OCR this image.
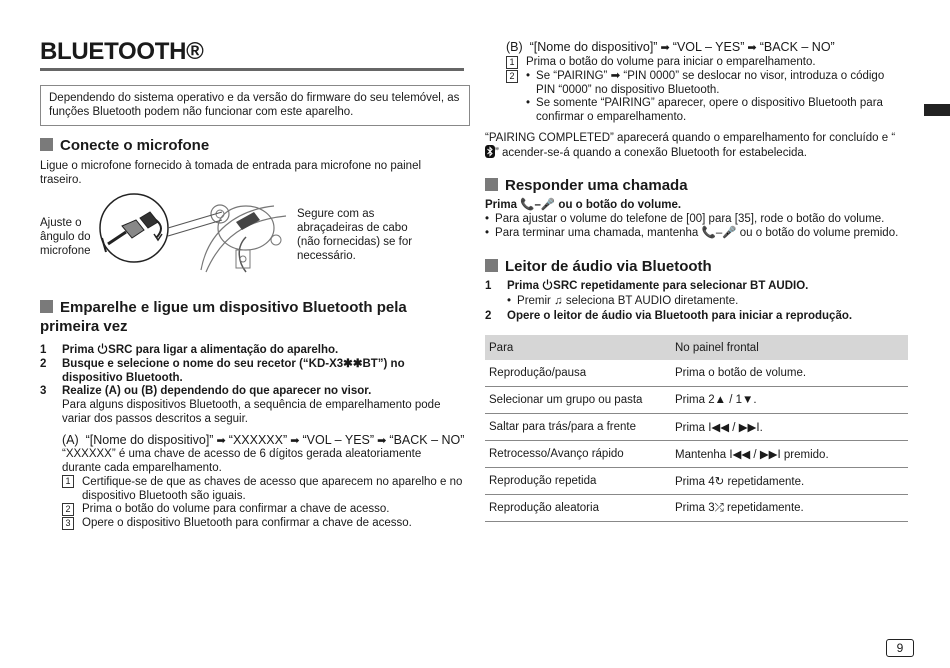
BLUETOOTH®
Dependendo do sistema operativo e da versão do firmware do seu telemóvel, as funções Bluetooth podem não funcionar com este aparelho.
Conecte o microfone
Ligue o microfone fornecido à tomada de entrada para microfone no painel traseiro.
Ajuste o ângulo do microfone
Segure com as abraçadeiras de cabo (não fornecidas) se for necessário.
Emparelhe e ligue um dispositivo Bluetooth pela primeira vez
1 Prima SRC para ligar a alimentação do aparelho.
2	Busque e selecione o nome do seu recetor (“KD-X3✱✱BT”) no dispositivo Bluetooth.
3 Realize (A) ou (B) dependendo do que aparecer no visor.
Para alguns dispositivos Bluetooth, a sequência de emparelhamento pode variar dos passos descritos a seguir.
(A) “[Nome do dispositivo]” ➡ “XXXXXX” ➡ “VOL – YES” ➡ “BACK – NO”
“XXXXXX” é uma chave de acesso de 6 dígitos gerada aleatoriamente durante cada emparelhamento.
1	Certifique-se de que as chaves de acesso que aparecem no aparelho e no dispositivo Bluetooth são iguais.
2 Prima o botão do volume para confirmar a chave de acesso.
3 Opere o dispositivo Bluetooth para confirmar a chave de acesso.
(B) “[Nome do dispositivo]” ➡ “VOL – YES” ➡ “BACK – NO”
1 Prima o botão do volume para iniciar o emparelhamento.
2	• Se “PAIRING” ➡ “PIN 0000” se deslocar no visor, introduza o código PIN “0000” no dispositivo Bluetooth.
• Se somente “PAIRING” aparecer, opere o dispositivo Bluetooth para confirmar o emparelhamento.
“PAIRING COMPLETED” aparecerá quando o emparelhamento for concluído e “” acender-se-á quando a conexão Bluetooth for estabelecida.
Responder uma chamada
Prima 📞–🎤 ou o botão do volume.
• Para ajustar o volume do telefone de [00] para [35], rode o botão do volume.
• Para terminar uma chamada, mantenha 📞–🎤 ou o botão do volume premido.
Leitor de áudio via Bluetooth
1 Prima SRC repetidamente para selecionar BT AUDIO.
• Premir ♫ seleciona BT AUDIO diretamente.
2 Opere o leitor de áudio via Bluetooth para iniciar a reprodução.
Para	No painel frontal
Reprodução/pausa	Prima o botão de volume.
Selecionar um grupo ou pasta	Prima 2▲ / 1▼.
Saltar para trás/para a frente	Prima I◀◀ / ▶▶I.
Retrocesso/Avanço rápido	Mantenha I◀◀ / ▶▶I premido.
Reprodução repetida	Prima 4↻ repetidamente.
Reprodução aleatoria	Prima 3⤮ repetidamente.
9
